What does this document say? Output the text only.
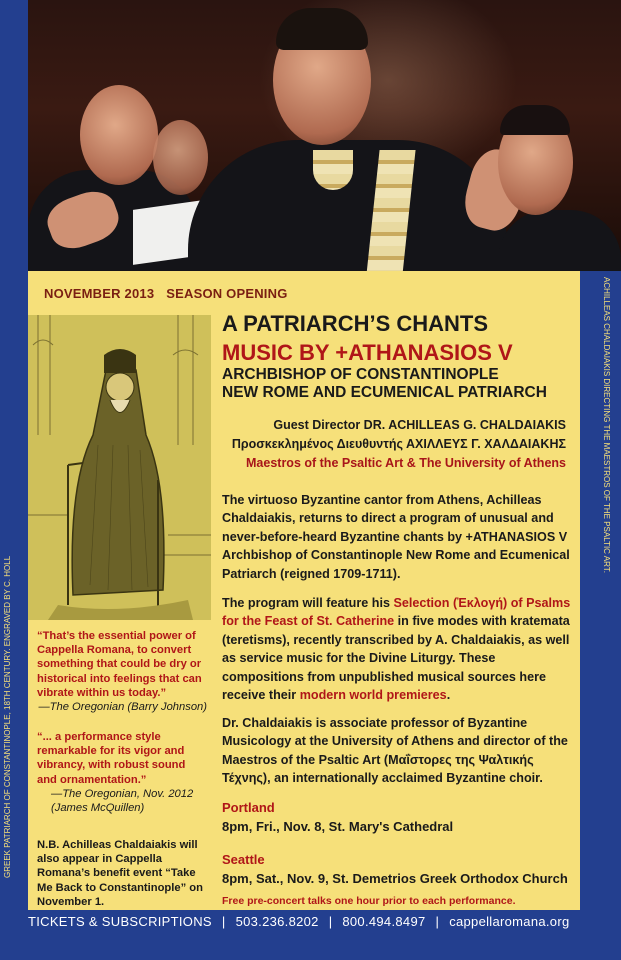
ACHILLEAS CHALDAIAKIS DIRECTING THE MAESTROS OF THE PSALTIC ART.
NOVEMBER 2013 SEASON OPENING
GREEK PATRIARCH OF CONSTANTINOPLE, 18TH CENTURY. ENGRAVED BY C. HOLL
A PATRIARCH’S CHANTS
MUSIC BY +ATHANASIOS V
ARCHBISHOP OF CONSTANTINOPLE
NEW ROME AND ECUMENICAL PATRIARCH
Guest Director DR. ACHILLEAS G. CHALDAIAKIS
Προσκεκλημένος Διευθυντής ΑΧΙΛΛΕΥΣ Γ. ΧΑΛΔΑΙΑΚΗΣ
Maestros of the Psaltic Art & The University of Athens
The virtuoso Byzantine cantor from Athens, Achilleas Chaldaiakis, returns to direct a program of unusual and never-before-heard Byzantine chants by +ATHANASIOS V Archbishop of Constantinople New Rome and Ecumenical Patriarch (reigned 1709-1711).
The program will feature his Selection (Ἐκλογή) of Psalms for the Feast of St. Catherine in five modes with kratemata (teretisms), recently transcribed by A. Chaldaiakis, as well as service music for the Divine Liturgy. These compositions from unpublished musical sources here receive their modern world premieres.
Dr. Chaldaiakis is associate professor of Byzantine Musicology at the University of Athens and director of the Maestros of the Psaltic Art (Μαΐστορες της Ψαλτικής Τέχνης), an internationally acclaimed Byzantine choir.
Portland
8pm, Fri., Nov. 8, St. Mary's Cathedral
Seattle
8pm, Sat., Nov. 9, St. Demetrios Greek Orthodox Church
Free pre-concert talks one hour prior to each performance.
“That’s the essential power of Cappella Romana, to convert something that could be dry or historical into feelings that can vibrate within us today.”
—The Oregonian (Barry Johnson)
“... a performance style remarkable for its vigor and vibrancy, with robust sound and ornamentation.”
—The Oregonian, Nov. 2012 (James McQuillen)
N.B. Achilleas Chaldaiakis will also appear in Cappella Romana’s benefit event “Take Me Back to Constantinople” on November 1.
TICKETS & SUBSCRIPTIONS | 503.236.8202 | 800.494.8497 | cappellaromana.org
